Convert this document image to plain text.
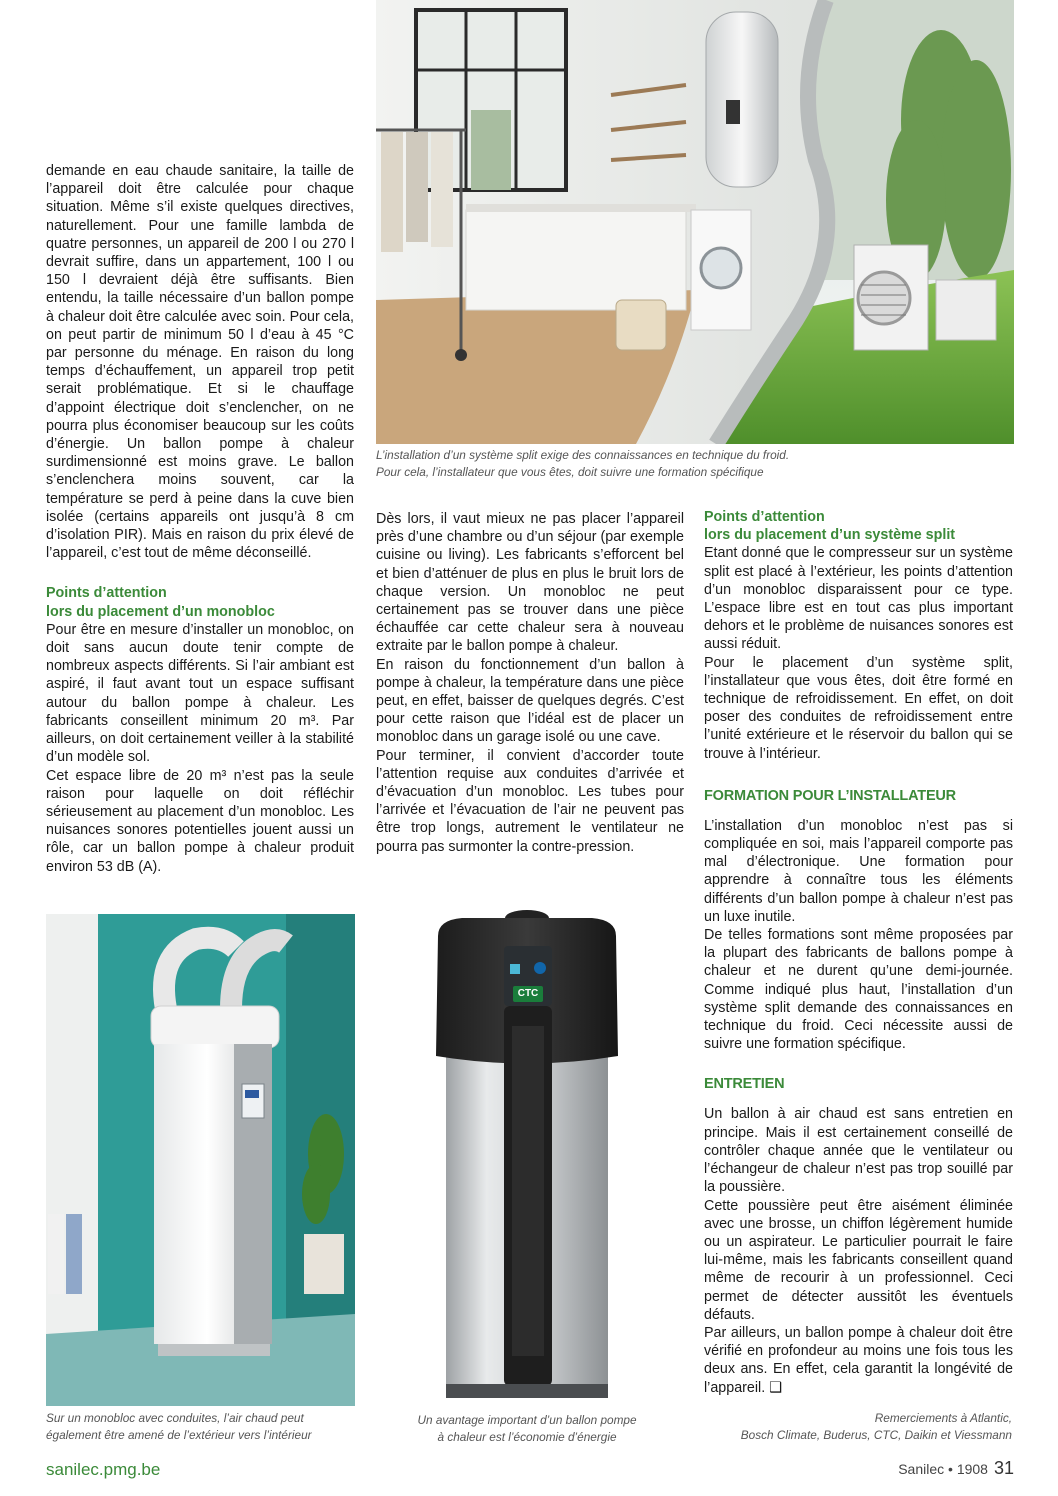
L’installation d’un système split exige des connaissances en technique du froid.
Pour cela, l’installateur que vous êtes, doit suivre une formation spécifique

demande en eau chaude sanitaire, la taille de l’appareil doit être calculée pour chaque situation. Même s’il existe quelques directives, naturellement. Pour une famille lambda de quatre personnes, un appareil de 200 l ou 270 l devrait suffire, dans un appartement, 100 l ou 150 l devraient déjà être suffisants. Bien entendu, la taille nécessaire d’un ballon pompe à chaleur doit être calculée avec soin. Pour cela, on peut partir de minimum 50 l d’eau à 45 °C par personne du ménage. En raison du long temps d’échauffement, un appareil trop petit serait problématique. Et si le chauffage d’appoint électrique doit s’enclencher, on ne pourra plus économiser beaucoup sur les coûts d’énergie. Un ballon pompe à chaleur surdimensionné est moins grave. Le ballon s’enclenchera moins souvent, car la température se perd à peine dans la cuve bien isolée (certains appareils ont jusqu’à 8 cm d’isolation PIR). Mais en raison du prix élevé de l’appareil, c’est tout de même déconseillé.

Points d’attention

lors du placement d’un monobloc

Pour être en mesure d’installer un monobloc, on doit sans aucun doute tenir compte de nombreux aspects différents. Si l’air ambiant est aspiré, il faut avant tout un espace suffisant autour du ballon pompe à chaleur. Les fabricants conseillent minimum 20 m³. Par ailleurs, on doit certainement veiller à la stabilité d’un modèle sol.

Cet espace libre de 20 m³ n’est pas la seule raison pour laquelle on doit réfléchir sérieusement au placement d’un monobloc. Les nuisances sonores potentielles jouent aussi un rôle, car un ballon pompe à chaleur produit environ 53 dB (A).

Dès lors, il vaut mieux ne pas placer l’appareil près d’une chambre ou d’un séjour (par exemple cuisine ou living). Les fabricants s’efforcent bel et bien d’atténuer de plus en plus le bruit lors de chaque version. Un monobloc ne peut certainement pas se trouver dans une pièce échauffée car cette chaleur sera à nouveau extraite par le ballon pompe à chaleur.

En raison du fonctionnement d’un ballon à pompe à chaleur, la température dans une pièce peut, en effet, baisser de quelques degrés. C’est pour cette raison que l’idéal est de placer un monobloc dans un garage isolé ou une cave.

Pour terminer, il convient d’accorder toute l’attention requise aux conduites d’arrivée et d’évacuation d’un monobloc. Les tubes pour l’arrivée et l’évacuation de l’air ne peuvent pas être trop longs, autrement le ventilateur ne pourra pas surmonter la contre-pression.

Points d’attention

lors du placement d’un système split

Etant donné que le compresseur sur un système split est placé à l’extérieur, les points d’attention d’un monobloc disparaissent pour ce type. L’espace libre est en tout cas plus important dehors et le problème de nuisances sonores est aussi réduit.

Pour le placement d’un système split, l’installateur que vous êtes, doit être formé en technique de refroidissement. En effet, on doit poser des conduites de refroidissement entre l’unité extérieure et le réservoir du ballon qui se trouve à l’intérieur.

FORMATION POUR L’INSTALLATEUR

L’installation d’un monobloc n’est pas si compliquée en soi, mais l’appareil comporte pas mal d’électronique. Une formation pour apprendre à connaître tous les éléments différents d’un ballon pompe à chaleur n’est pas un luxe inutile.

De telles formations sont même proposées par la plupart des fabricants de ballons pompe à chaleur et ne durent qu’une demi-journée. Comme indiqué plus haut, l’installation d’un système split demande des connaissances en technique du froid. Ceci nécessite aussi de suivre une formation spécifique.

ENTRETIEN

Un ballon à air chaud est sans entretien en principe. Mais il est certainement conseillé de contrôler chaque année que le ventilateur ou l’échangeur de chaleur n’est pas trop souillé par la poussière.

Cette poussière peut être aisément éliminée avec une brosse, un chiffon légèrement humide ou un aspirateur. Le particulier pourrait le faire lui-même, mais les fabricants conseillent quand même de recourir à un professionnel. Ceci permet de détecter aussitôt les éventuels défauts.

Par ailleurs, un ballon pompe à chaleur doit être vérifié en profondeur au moins une fois tous les deux ans. En effet, cela garantit la longévité de l’appareil. ❑

Sur un monobloc avec conduites, l’air chaud peut
également être amené de l’extérieur vers l’intérieur
CTC
Un avantage important d’un ballon pompe
à chaleur est l’économie d’énergie
Remerciements à Atlantic,
Bosch Climate, Buderus, CTC, Daikin et Viessmann
sanilec.pmg.be	Sanilec • 1908 31
